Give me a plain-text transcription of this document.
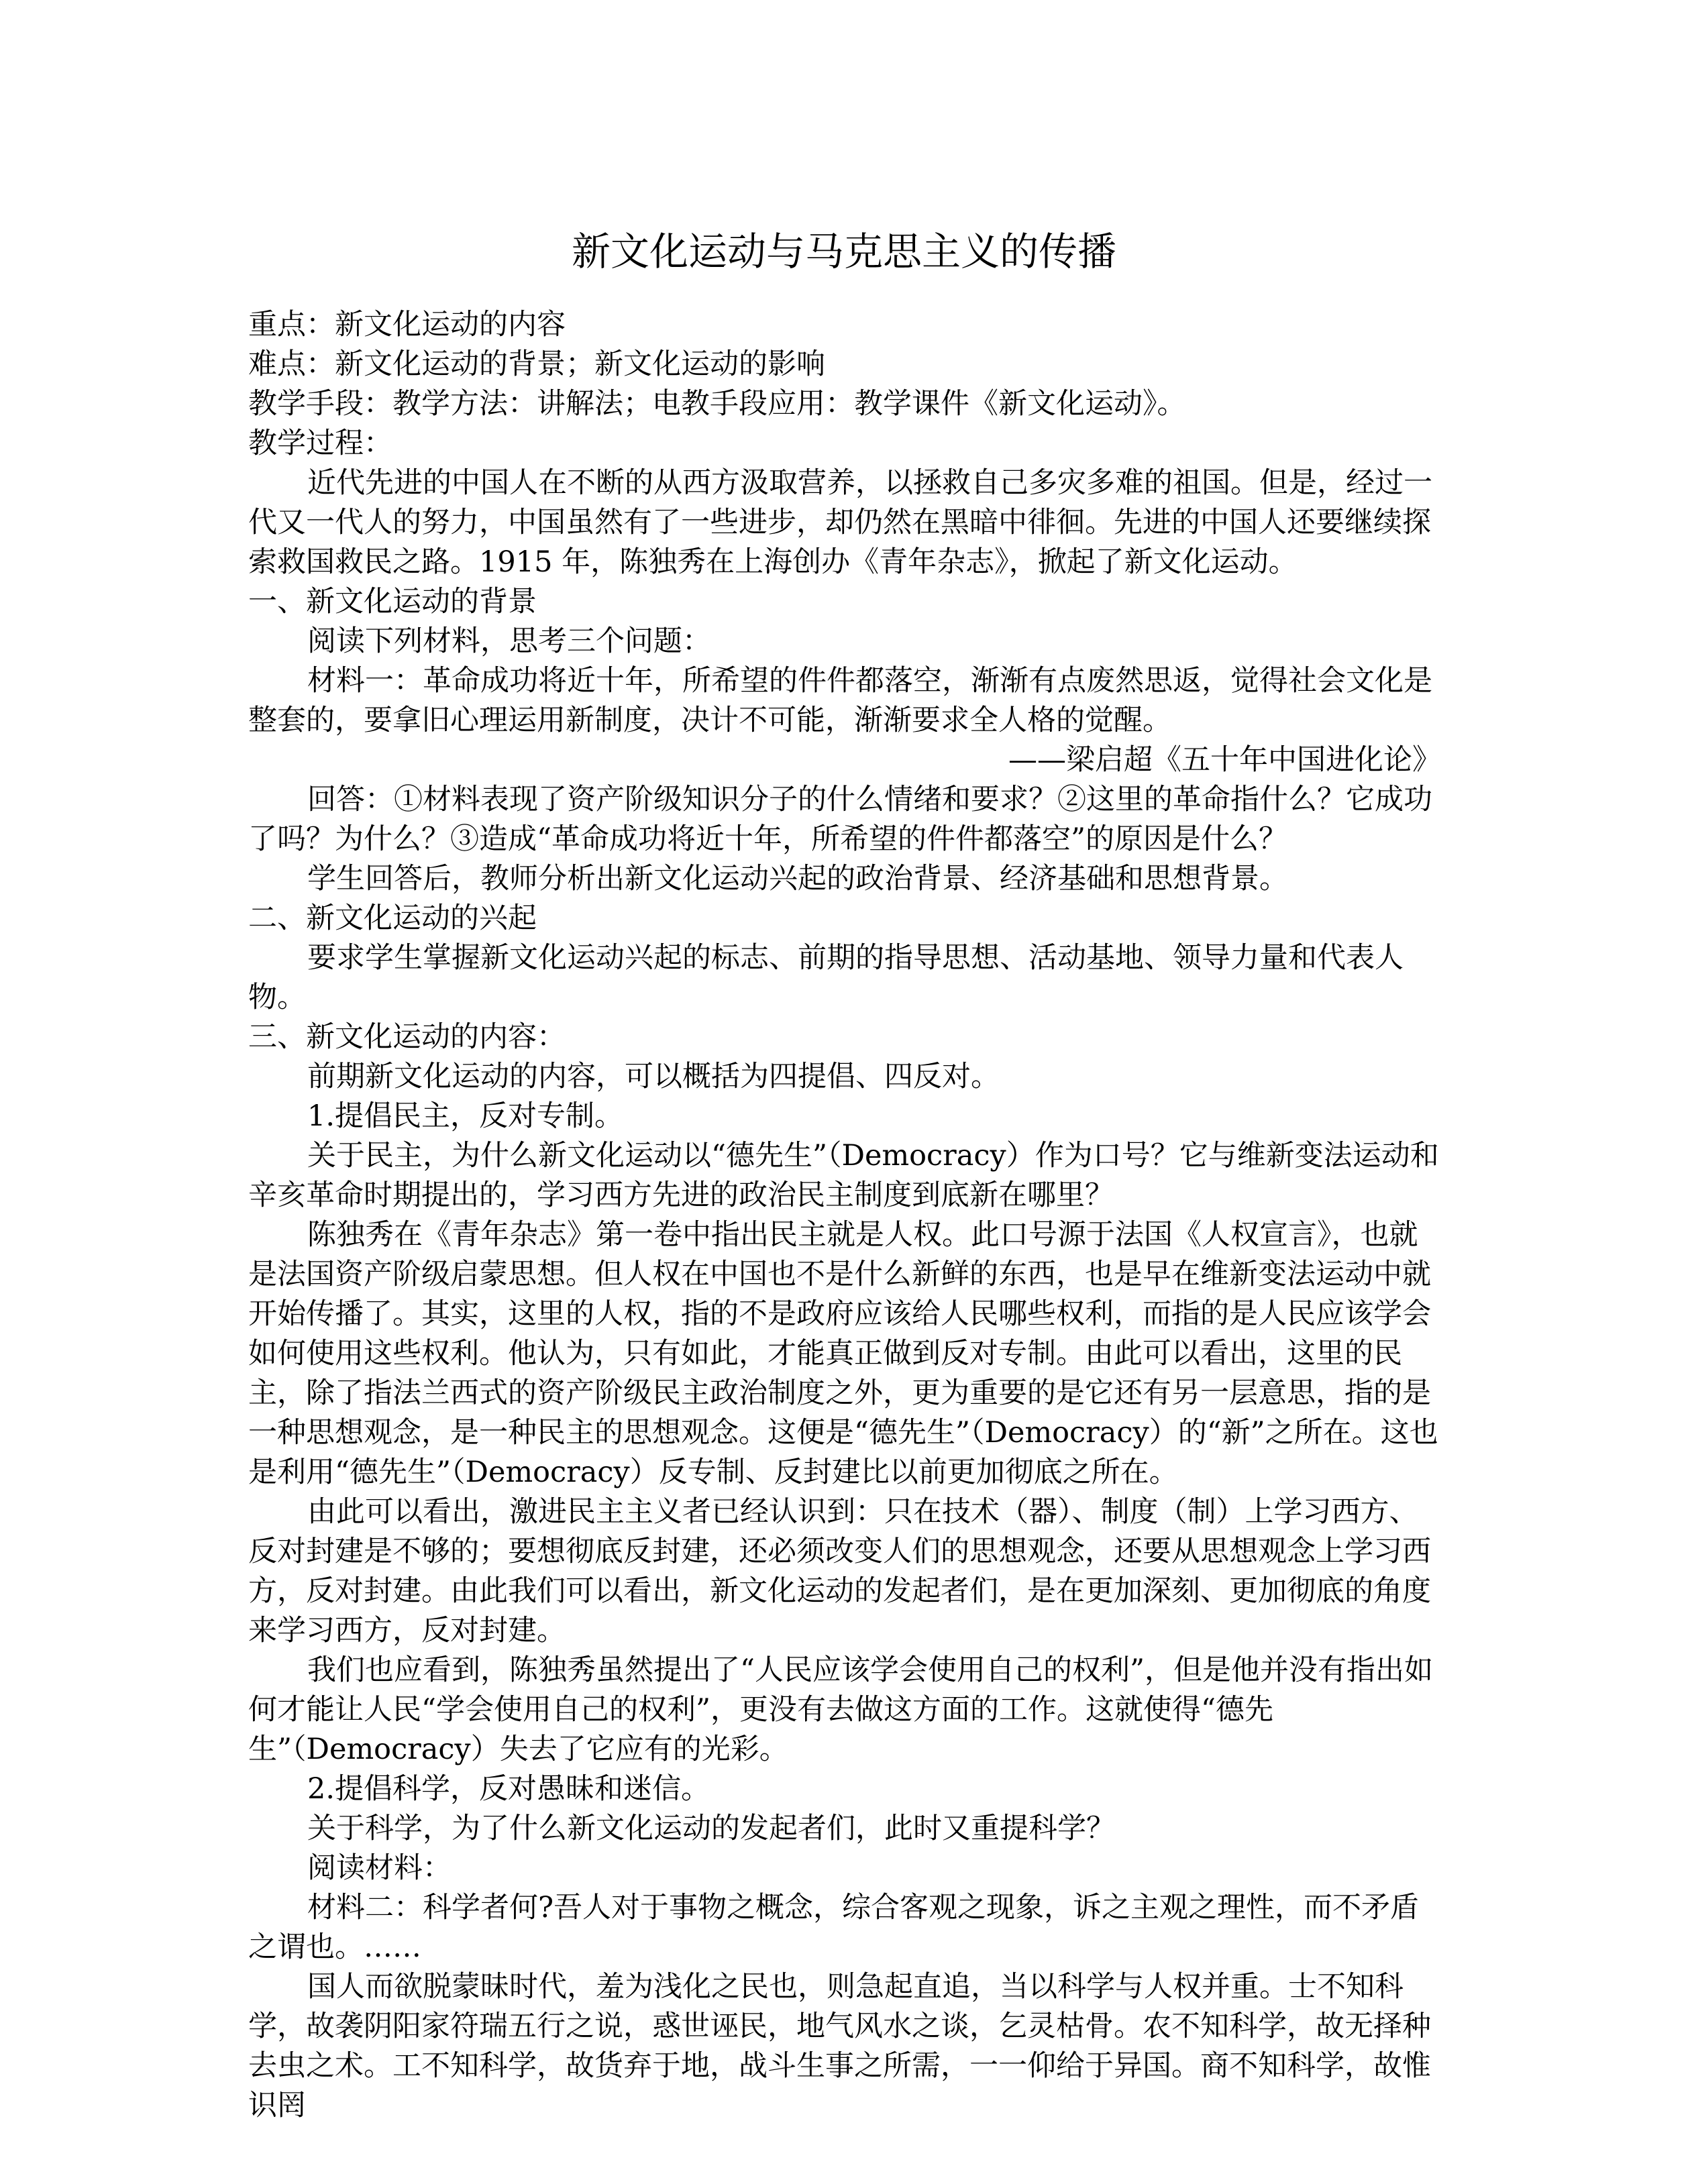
新文化运动与马克思主义的传播

重点：新文化运动的内容

难点：新文化运动的背景；新文化运动的影响

教学手段：教学方法：讲解法；电教手段应用：教学课件《新文化运动》。

教学过程：

近代先进的中国人在不断的从西方汲取营养，以拯救自己多灾多难的祖国。但是，经过一代又一代人的努力，中国虽然有了一些进步，却仍然在黑暗中徘徊。先进的中国人还要继续探索救国救民之路。1915 年，陈独秀在上海创办《青年杂志》，掀起了新文化运动。

一、新文化运动的背景

阅读下列材料，思考三个问题：

材料一：革命成功将近十年，所希望的件件都落空，渐渐有点废然思返，觉得社会文化是整套的，要拿旧心理运用新制度，决计不可能，渐渐要求全人格的觉醒。

——梁启超《五十年中国进化论》

回答：①材料表现了资产阶级知识分子的什么情绪和要求？②这里的革命指什么？它成功了吗？为什么？③造成“革命成功将近十年，所希望的件件都落空”的原因是什么？

学生回答后，教师分析出新文化运动兴起的政治背景、经济基础和思想背景。

二、新文化运动的兴起

要求学生掌握新文化运动兴起的标志、前期的指导思想、活动基地、领导力量和代表人物。

三、新文化运动的内容：

前期新文化运动的内容，可以概括为四提倡、四反对。

1.提倡民主，反对专制。

关于民主，为什么新文化运动以“德先生”（Democracy）作为口号？它与维新变法运动和辛亥革命时期提出的，学习西方先进的政治民主制度到底新在哪里？

陈独秀在《青年杂志》第一卷中指出民主就是人权。此口号源于法国《人权宣言》，也就是法国资产阶级启蒙思想。但人权在中国也不是什么新鲜的东西，也是早在维新变法运动中就开始传播了。其实，这里的人权，指的不是政府应该给人民哪些权利，而指的是人民应该学会如何使用这些权利。他认为，只有如此，才能真正做到反对专制。由此可以看出，这里的民主，除了指法兰西式的资产阶级民主政治制度之外，更为重要的是它还有另一层意思，指的是一种思想观念，是一种民主的思想观念。这便是“德先生”（Democracy）的“新”之所在。这也是利用“德先生”（Democracy）反专制、反封建比以前更加彻底之所在。

由此可以看出，激进民主主义者已经认识到：只在技术（器）、制度（制）上学习西方、反对封建是不够的；要想彻底反封建，还必须改变人们的思想观念，还要从思想观念上学习西方，反对封建。由此我们可以看出，新文化运动的发起者们，是在更加深刻、更加彻底的角度来学习西方，反对封建。

我们也应看到，陈独秀虽然提出了“人民应该学会使用自己的权利”，但是他并没有指出如何才能让人民“学会使用自己的权利”，更没有去做这方面的工作。这就使得“德先生”（Democracy）失去了它应有的光彩。

2.提倡科学，反对愚昧和迷信。

关于科学，为了什么新文化运动的发起者们，此时又重提科学？

阅读材料：

材料二：科学者何?吾人对于事物之概念，综合客观之现象，诉之主观之理性，而不矛盾之谓也。……

国人而欲脱蒙昧时代，羞为浅化之民也，则急起直追，当以科学与人权并重。士不知科学，故袭阴阳家符瑞五行之说，惑世诬民，地气风水之谈，乞灵枯骨。农不知科学，故无择种去虫之术。工不知科学，故货弃于地，战斗生事之所需，一一仰给于异国。商不知科学，故惟识罔
